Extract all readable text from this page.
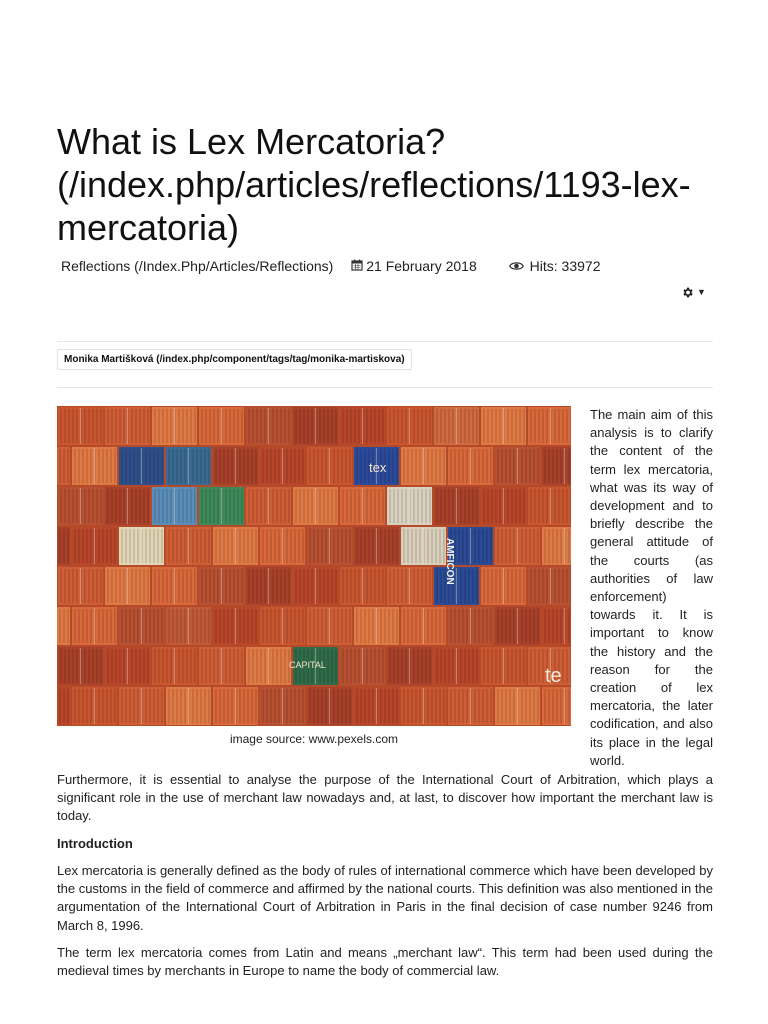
What is Lex Mercatoria? (/index.php/articles/reflections/1193-lex-mercatoria)
Reflections (/Index.Php/Articles/Reflections) 21 February 2018	Hits: 33972
▼
Monika Martišková (/index.php/component/tags/tag/monika-martiskova)
tex
AMFICON
CAPITAL	te
image source: www.pexels.com
The main aim of this analysis is to clarify the content of the term lex mercatoria, what was its way of development and to briefly describe the general attitude of the courts (as authorities of law enforcement) towards it. It is important to know the history and the reason for the creation of lex mercatoria, the later codification, and also its place in the legal world.

Furthermore, it is essential to analyse the purpose of the International Court of Arbitration, which plays a significant role in the use of merchant law nowadays and, at last, to discover how important the merchant law is today.

Introduction

Lex mercatoria is generally defined as the body of rules of international commerce which have been developed by the customs in the field of commerce and affirmed by the national courts. This definition was also mentioned in the argumentation of the International Court of Arbitration in Paris in the final decision of case number 9246 from March 8, 1996.

The term lex mercatoria comes from Latin and means „merchant law“. This term had been used during the medieval times by merchants in Europe to name the body of commercial law.
